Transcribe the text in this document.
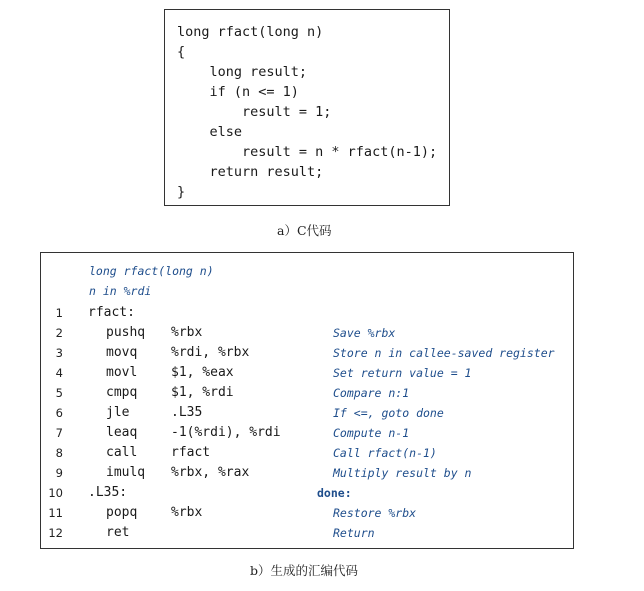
long rfact(long n)
{
long result;
if (n <= 1)
result = 1;
else
result = n * rfact(n-1);
return result;
}
a）C代码
long rfact(long n)
n in %rdi
1 rfact:
2	pushq %rbx	Save %rbx
3	movq	%rdi, %rbx	Store n in callee-saved register
4	movl	$1, %eax	Set return value = 1
5	cmpq	$1, %rdi	Compare n:1
6	jle	.L35	If <=, goto done
7	leaq	-1(%rdi), %rdi	Compute n-1
8	call	rfact	Call rfact(n-1)
9	imulq %rbx, %rax	Multiply result by n
10 .L35:	done:
11	popq	%rbx	Restore %rbx
12	ret	Return
b）生成的汇编代码
